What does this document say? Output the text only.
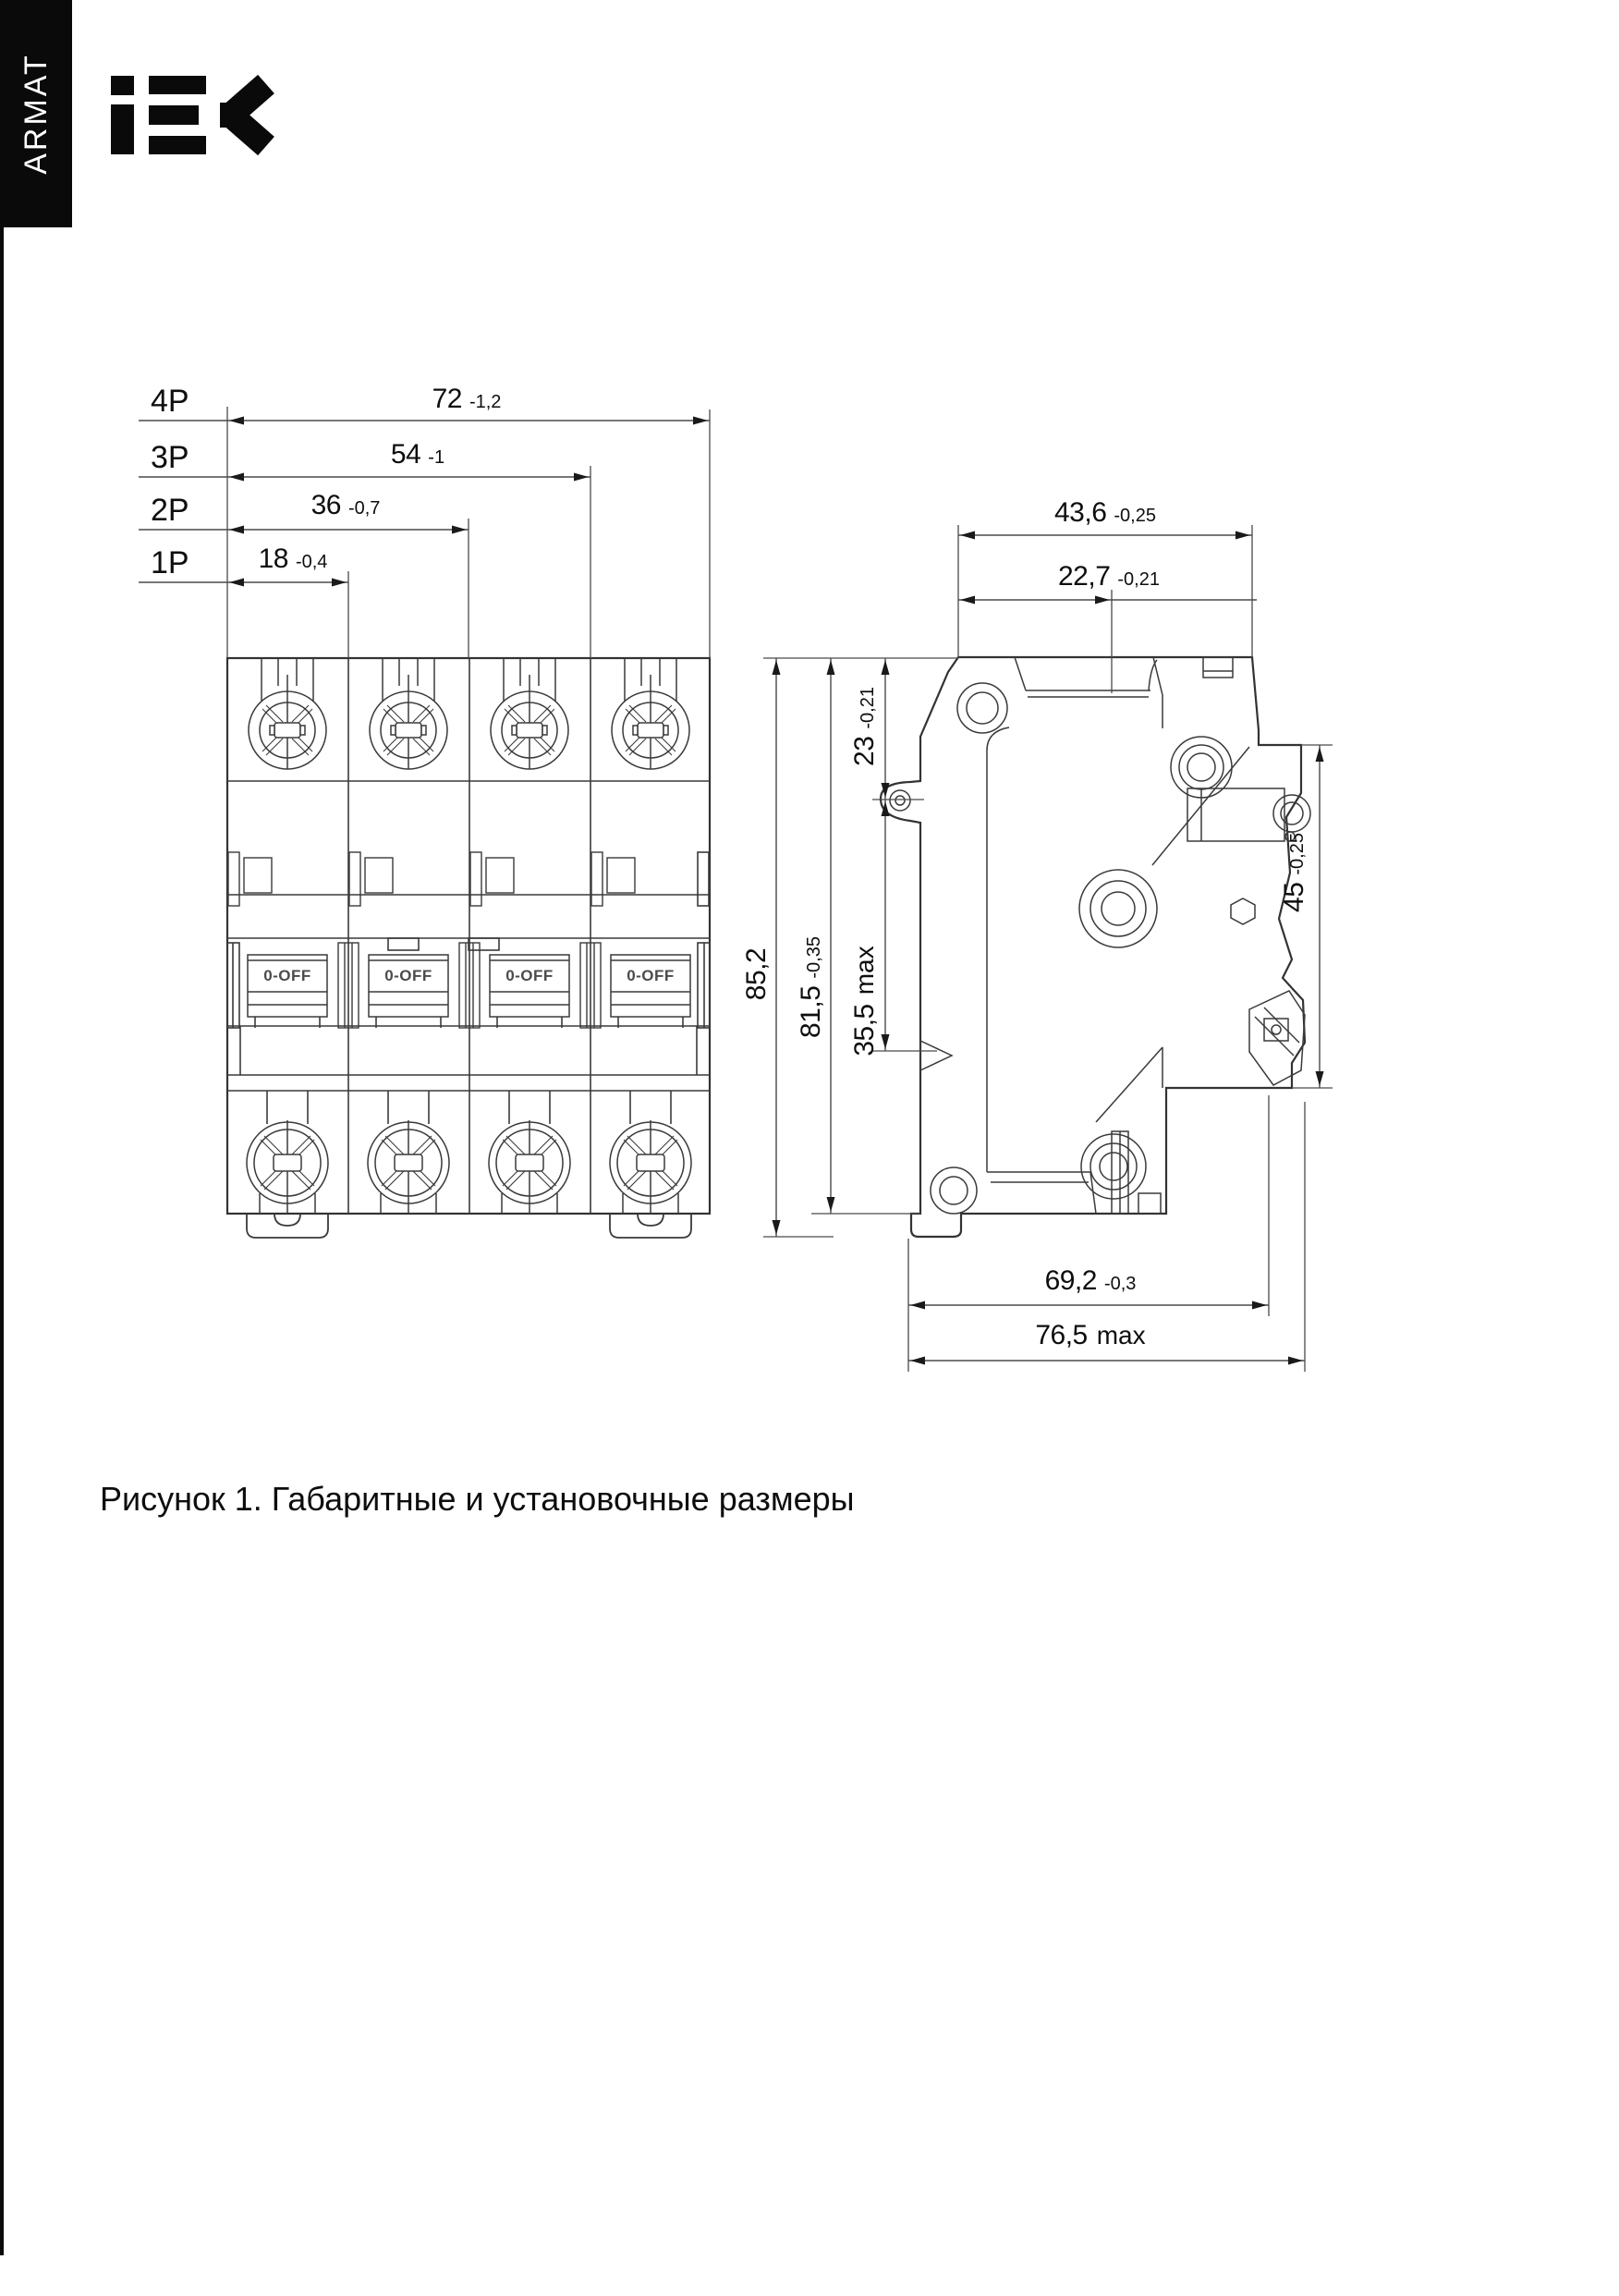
ARMAT
4P
3P
2P
1P
72 -1,2
54 -1
36 -0,7
18 -0,4
0-OFF	0-OFF	0-OFF	0-OFF
43,6 -0,25
22,7 -0,21
23
-0,21
85,2
81,5
-0,35
35,5
max
45
-0,25
69,2 -0,3
76,5 max
Рисунок 1. Габаритные и установочные размеры
